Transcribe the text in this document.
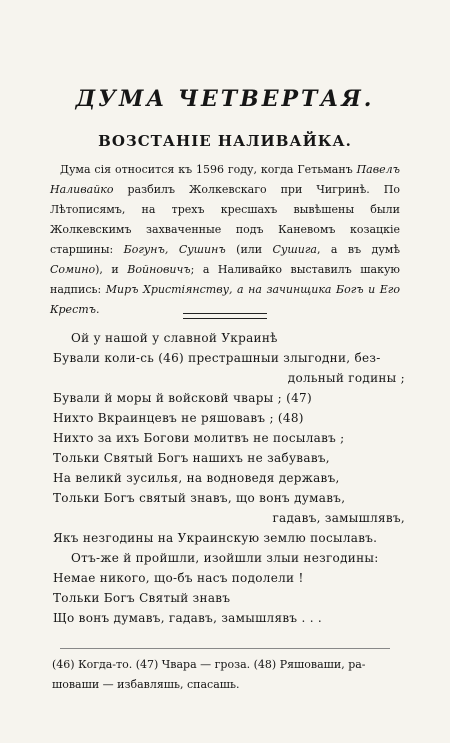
ДУМА ЧЕТВЕРТАЯ.
ВОЗСТАНІЕ НАЛИВАЙКА.

Дума сія относится къ 1596 году, когда Гетьманъ Павелъ Наливайко разбилъ Жолкевскаго при Чигринѣ. По Лѣтописямъ, на трехъ кресшахъ вывѣшены были Жолкевскимъ захваченные подъ Каневомъ козацкіе старшины: Богунъ, Сушинъ (или Сушига, а въ думѣ Сомино), и Войновичъ; а Наливайко выставилъ шакую надпись: Миръ Христіянству, а на зачинщика Богъ и Его Крестъ.

Ой у нашой у славной Украинѣ
Бували коли-сь (46) престрашныи злыгодни, без-
дольный годины ;
Бували й моры й войсковй чвары ; (47)
Нихто Вкраинцевъ не ряшовавъ ; (48)
Нихто за ихъ Богови молитвъ не посылавъ ;
Тольки Святый Богъ нашихъ не забувавъ,
На великй зусилья, на водноведя державъ,
Тольки Богъ святый знавъ, що вонъ думавъ,
гадавъ, замышлявъ,
Якъ незгодины на Украинскую землю посылавъ.
Отъ-же й пройшли, изойшли злыи незгодины:
Немае никого, що-бъ насъ подолели !
Тольки Богъ Святый знавъ
Що вонъ думавъ, гадавъ, замышлявъ . . .

(46) Когда-то. (47) Чвара — гроза. (48) Ряшоваши, ра-

шоваши — избавляшь, спасашь.
